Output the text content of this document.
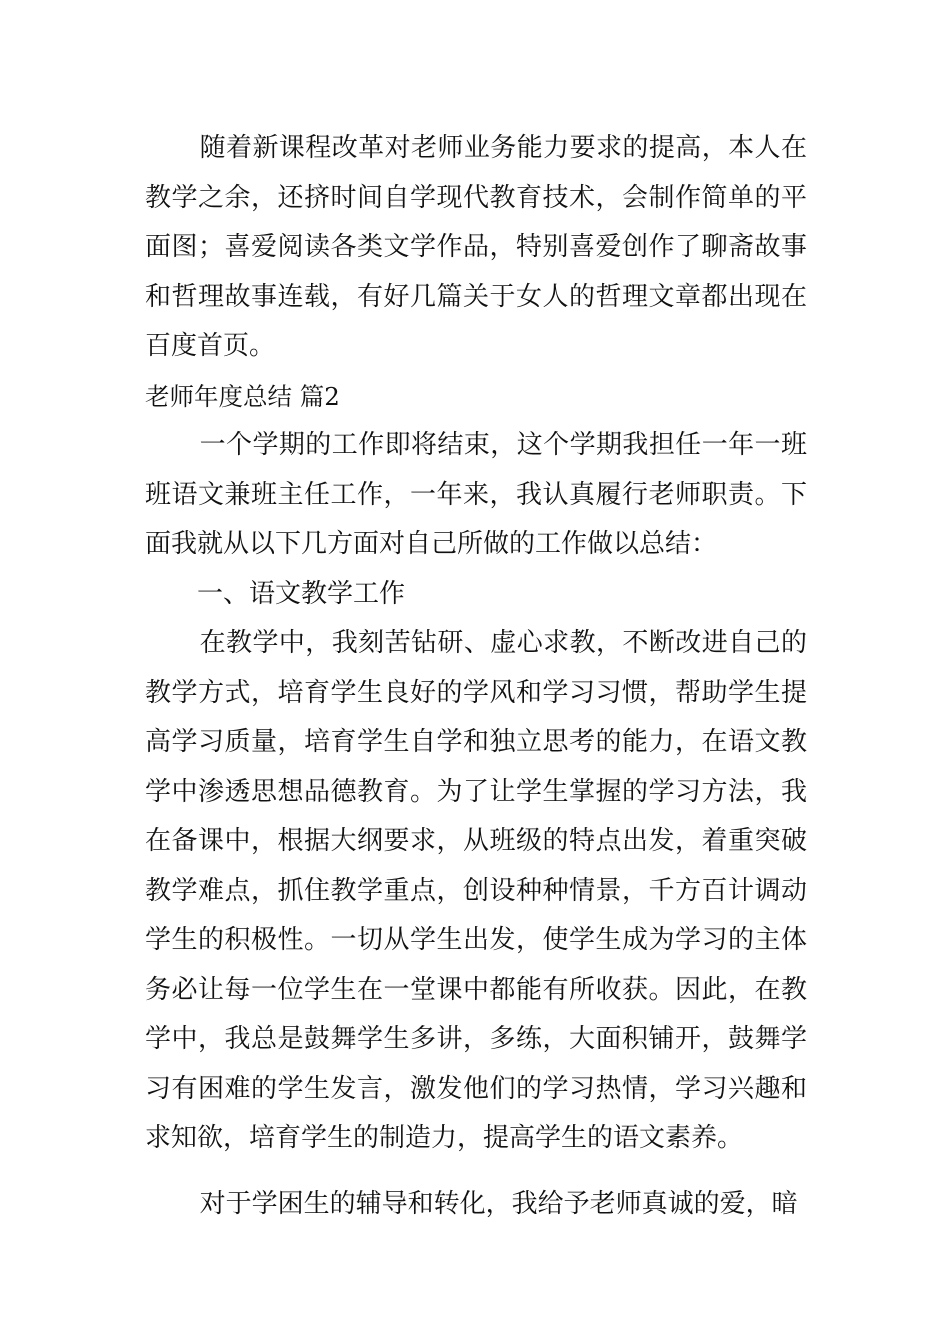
随着新课程改革对老师业务能力要求的提高，本人在教学之余，还挤时间自学现代教育技术，会制作简单的平面图；喜爱阅读各类文学作品，特别喜爱创作了聊斋故事和哲理故事连载，有好几篇关于女人的哲理文章都出现在百度首页。

老师年度总结 篇2

一个学期的工作即将结束，这个学期我担任一年一班班语文兼班主任工作，一年来，我认真履行老师职责。下面我就从以下几方面对自己所做的工作做以总结：

一、语文教学工作

在教学中，我刻苦钻研、虚心求教，不断改进自己的教学方式，培育学生良好的学风和学习习惯，帮助学生提高学习质量，培育学生自学和独立思考的能力，在语文教学中渗透思想品德教育。为了让学生掌握的学习方法，我在备课中，根据大纲要求，从班级的特点出发，着重突破教学难点，抓住教学重点，创设种种情景，千方百计调动学生的积极性。一切从学生出发，使学生成为学习的主体务必让每一位学生在一堂课中都能有所收获。因此，在教学中，我总是鼓舞学生多讲，多练，大面积铺开，鼓舞学习有困难的学生发言，激发他们的学习热情，学习兴趣和求知欲，培育学生的制造力，提高学生的语文素养。

对于学困生的辅导和转化，我给予老师真诚的爱，暗
